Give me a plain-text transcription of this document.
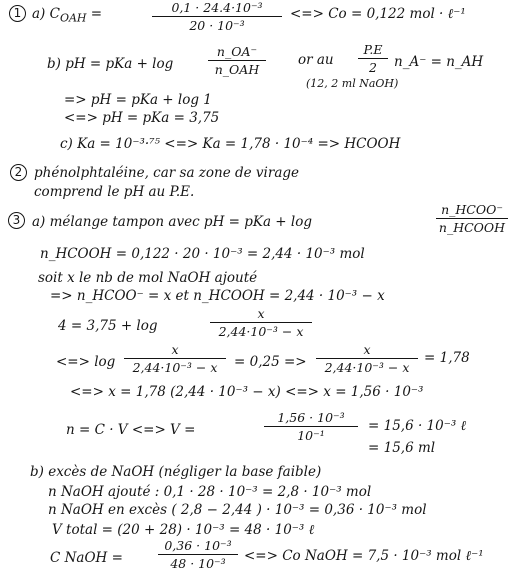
1 a) $C_{OAH}$ =	0,1 · 24.4·10⁻³
20 · 10⁻³
<=> Co = 0,122 mol · ℓ⁻¹
b) pH = pKa + log
n_OA⁻
n_OAH
or au
P.E
2	n_A⁻ = n_AH
(12, 2 ml NaOH)
=> pH = pKa + log 1
<=> pH = pKa = 3,75
c) Ka = 10⁻³·⁷⁵ <=> Ka = 1,78 · 10⁻⁴ => HCOOH
2 phénolphtaléine, car sa zone de virage
comprend le pH au P.E.
3 a) mélange tampon avec pH = pKa + log
n_HCOO⁻
n_HCOOH
n_HCOOH = 0,122 · 20 · 10⁻³ = 2,44 · 10⁻³ mol
soit x le nb de mol NaOH ajouté
=> n_HCOO⁻ = x et n_HCOOH = 2,44 · 10⁻³ − x
4 = 3,75 + log
x
2,44·10⁻³ − x
<=> log
x
2,44·10⁻³ − x	= 0,25 =>
x
2,44·10⁻³ − x
= 1,78
<=> x = 1,78 (2,44 · 10⁻³ − x) <=> x = 1,56 · 10⁻³
n = C · V <=> V =
1,56 · 10⁻³
10⁻¹
= 15,6 · 10⁻³ ℓ
= 15,6 ml
b) excès de NaOH (négliger la base faible)
n NaOH ajouté : 0,1 · 28 · 10⁻³ = 2,8 · 10⁻³ mol
n NaOH en excès ( 2,8 − 2,44 ) · 10⁻³ = 0,36 · 10⁻³ mol
V total = (20 + 28) · 10⁻³ = 48 · 10⁻³ ℓ
C NaOH =
0,36 · 10⁻³
48 · 10⁻³	<=> Co NaOH = 7,5 · 10⁻³ mol ℓ⁻¹
